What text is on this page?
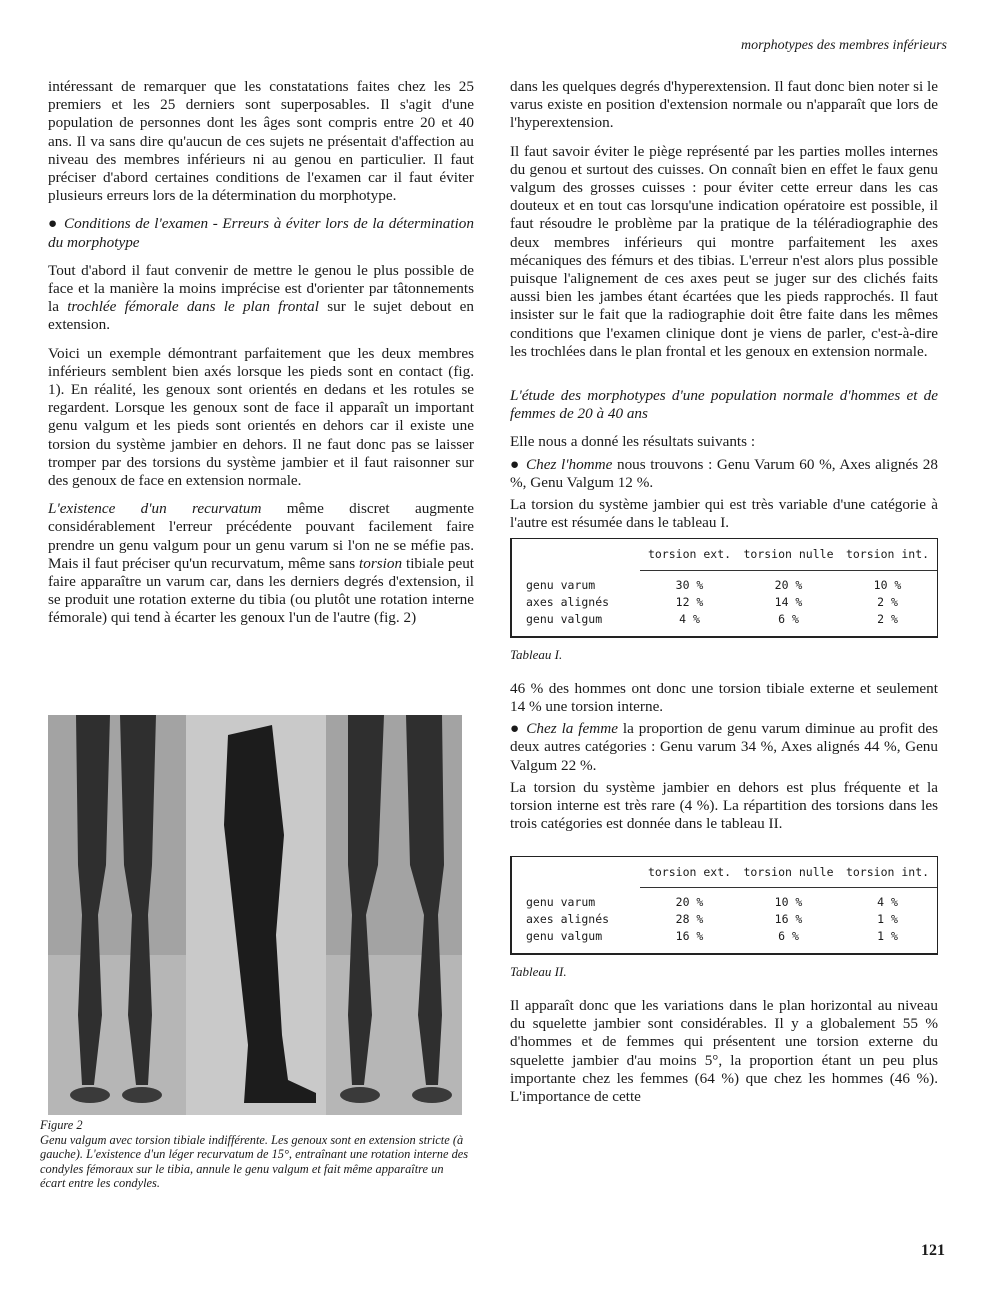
morphotypes des membres inférieurs

intéressant de remarquer que les constatations faites chez les 25 premiers et les 25 derniers sont superposables. Il s'agit d'une population de personnes dont les âges sont compris entre 20 et 40 ans. Il va sans dire qu'aucun de ces sujets ne présentait d'affection au niveau des membres inférieurs ni au genou en particulier. Il faut préciser d'abord certaines conditions de l'examen car il faut éviter plusieurs erreurs lors de la détermination du morphotype.

● Conditions de l'examen - Erreurs à éviter lors de la détermination du morphotype

Tout d'abord il faut convenir de mettre le genou le plus possible de face et la manière la moins imprécise est d'orienter par tâtonnements la trochlée fémorale dans le plan frontal sur le sujet debout en extension.

Voici un exemple démontrant parfaitement que les deux membres inférieurs semblent bien axés lorsque les pieds sont en contact (fig. 1). En réalité, les genoux sont orientés en dedans et les rotules se regardent. Lorsque les genoux sont de face il apparaît un important genu valgum et les pieds sont orientés en dehors car il existe une torsion du système jambier en dehors. Il ne faut donc pas se laisser tromper par des torsions du système jambier et il faut raisonner sur des genoux de face en extension normale.

L'existence d'un recurvatum même discret augmente considérablement l'erreur précédente pouvant facilement faire prendre un genu valgum pour un genu varum si l'on ne se méfie pas. Mais il faut préciser qu'un recurvatum, même sans torsion tibiale peut faire apparaître un varum car, dans les derniers degrés d'extension, il se produit une rotation externe du tibia (ou plutôt une rotation interne fémorale) qui tend à écarter les genoux l'un de l'autre (fig. 2)

Figure 2
Genu valgum avec torsion tibiale indifférente. Les genoux sont en extension stricte (à gauche). L'existence d'un léger recurvatum de 15°, entraînant une rotation interne des condyles fémoraux sur le tibia, annule le genu valgum et fait même apparaître un écart entre les condyles.

dans les quelques degrés d'hyperextension. Il faut donc bien noter si le varus existe en position d'extension normale ou n'apparaît que lors de l'hyperextension.

Il faut savoir éviter le piège représenté par les parties molles internes du genou et surtout des cuisses. On connaît bien en effet le faux genu valgum des grosses cuisses : pour éviter cette erreur dans les cas douteux et en tout cas lorsqu'une indication opératoire est possible, il faut résoudre le problème par la pratique de la téléradiographie des deux membres inférieurs qui montre parfaitement les axes mécaniques des fémurs et des tibias. L'erreur n'est alors plus possible puisque l'alignement de ces axes peut se juger sur des clichés faits aussi bien les jambes étant écartées que les pieds rapprochés. Il faut insister sur le fait que la radiographie doit être faite dans les mêmes conditions que l'examen clinique dont je viens de parler, c'est-à-dire les trochlées dans le plan frontal et les genoux en extension normale.

L'étude des morphotypes d'une population normale d'hommes et de femmes de 20 à 40 ans

Elle nous a donné les résultats suivants :

● Chez l'homme nous trouvons : Genu Varum 60 %, Axes alignés 28 %, Genu Valgum 12 %.

La torsion du système jambier qui est très variable d'une catégorie à l'autre est résumée dans le tableau I.

torsion ext.	torsion nulle	torsion int.
genu varum	30 %	20 %	10 %
axes alignés	12 %	14 %	2 %
genu valgum	4 %	6 %	2 %
Tableau I.

46 % des hommes ont donc une torsion tibiale externe et seulement 14 % une torsion interne.

● Chez la femme la proportion de genu varum diminue au profit des deux autres catégories : Genu varum 34 %, Axes alignés 44 %, Genu Valgum 22 %.

La torsion du système jambier en dehors est plus fréquente et la torsion interne est très rare (4 %). La répartition des torsions dans les trois catégories est donnée dans le tableau II.

torsion ext.	torsion nulle	torsion int.
genu varum	20 %	10 %	4 %
axes alignés	28 %	16 %	1 %
genu valgum	16 %	6 %	1 %
Tableau II.

Il apparaît donc que les variations dans le plan horizontal au niveau du squelette jambier sont considérables. Il y a globalement 55 % d'hommes et de femmes qui présentent une torsion externe du squelette jambier d'au moins 5°, la proportion étant un peu plus importante chez les femmes (64 %) que chez les hommes (46 %). L'importance de cette

121
